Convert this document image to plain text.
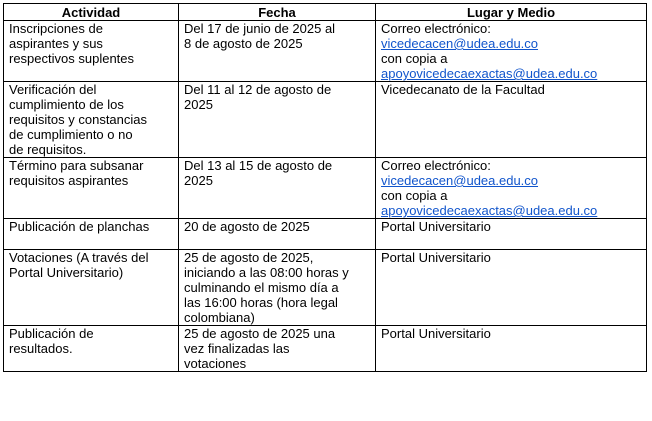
Actividad	Fecha	Lugar y Medio

Inscripciones de
aspirantes y sus
respectivos suplentes	Del 17 de junio de 2025 al
8 de agosto de 2025	Correo electrónico:
vicedecacen@udea.edu.co
con copia a
apoyovicedecaexactas@udea.edu.co

Verificación del
cumplimiento de los
requisitos y constancias
de cumplimiento o no
de requisitos.	Del 11 al 12 de agosto de
2025	Vicedecanato de la Facultad

Término para subsanar
requisitos aspirantes	Del 13 al 15 de agosto de
2025	Correo electrónico:
vicedecacen@udea.edu.co
con copia a
apoyovicedecaexactas@udea.edu.co

Publicación de planchas	20 de agosto de 2025	Portal Universitario

Votaciones (A través del
Portal Universitario)	25 de agosto de 2025,
iniciando a las 08:00 horas y
culminando el mismo día a
las 16:00 horas (hora legal
colombiana)	Portal Universitario

Publicación de
resultados.	25 de agosto de 2025 una
vez finalizadas las
votaciones	Portal Universitario
